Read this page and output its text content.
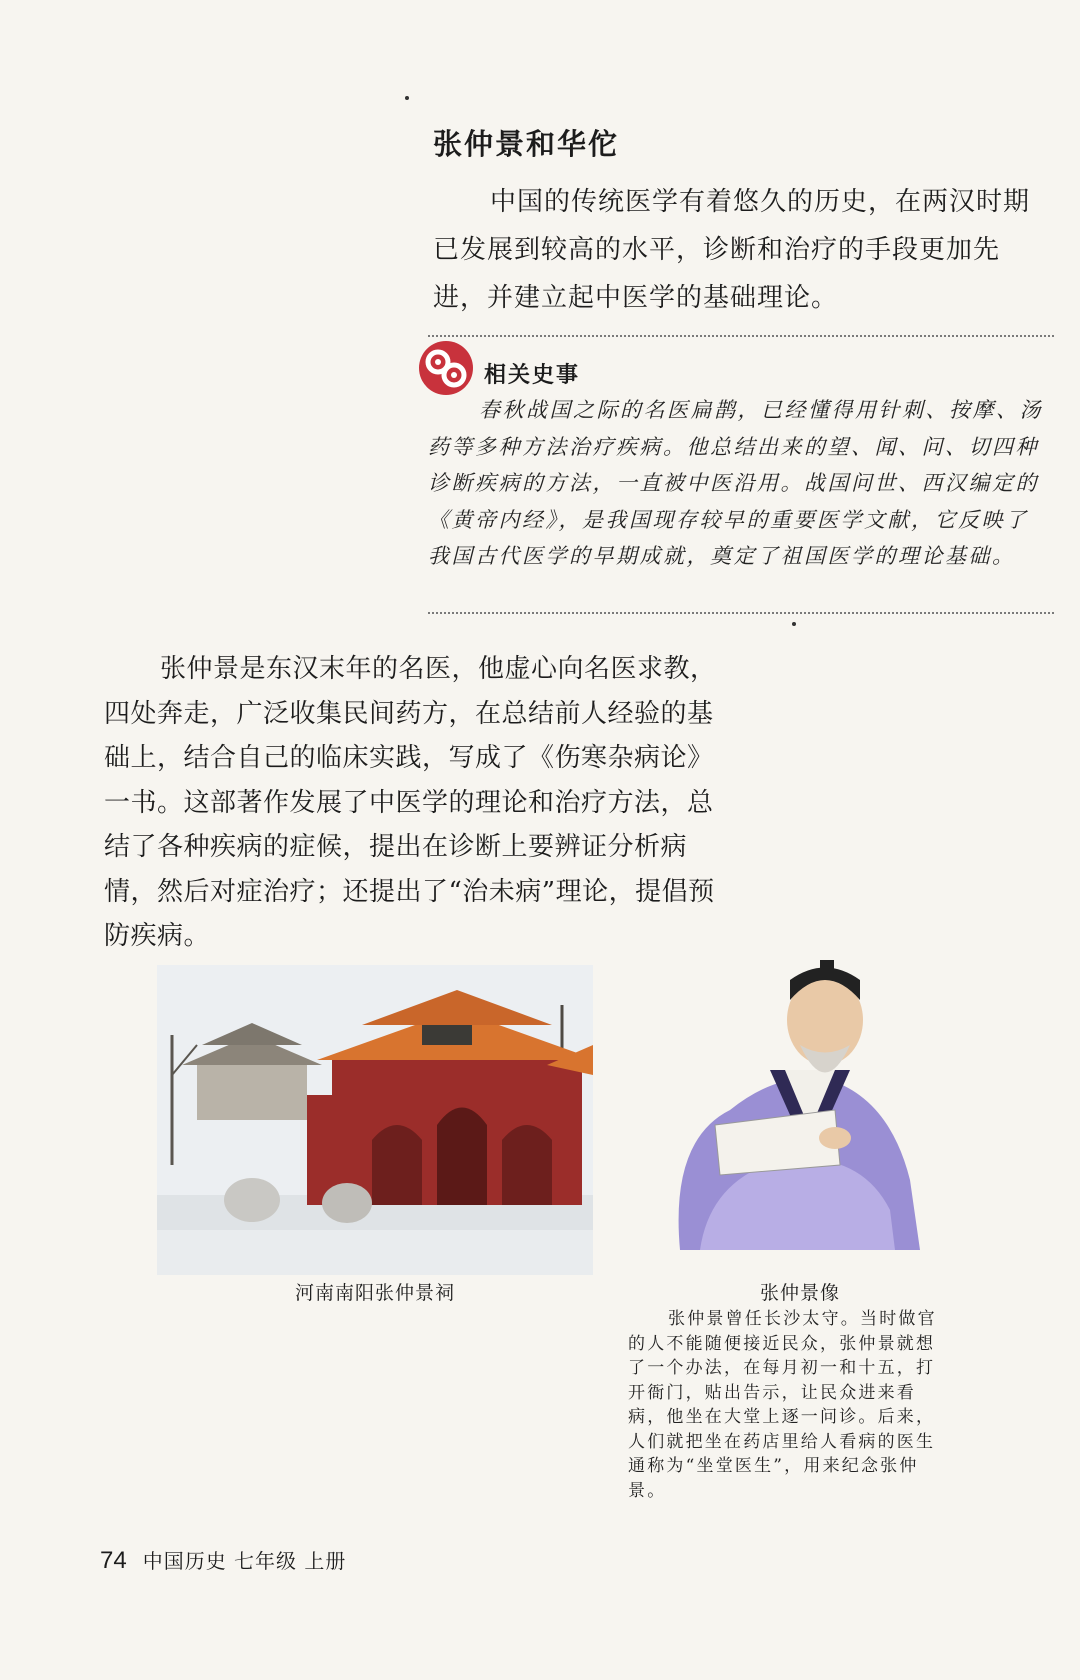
张仲景和华佗

中国的传统医学有着悠久的历史，在两汉时期已发展到较高的水平，诊断和治疗的手段更加先进，并建立起中医学的基础理论。

相关史事

春秋战国之际的名医扁鹊，已经懂得用针刺、按摩、汤药等多种方法治疗疾病。他总结出来的望、闻、问、切四种诊断疾病的方法，一直被中医沿用。战国问世、西汉编定的《黄帝内经》，是我国现存较早的重要医学文献，它反映了我国古代医学的早期成就，奠定了祖国医学的理论基础。

张仲景是东汉末年的名医，他虚心向名医求教，四处奔走，广泛收集民间药方，在总结前人经验的基础上，结合自己的临床实践，写成了《伤寒杂病论》一书。这部著作发展了中医学的理论和治疗方法，总结了各种疾病的症候，提出在诊断上要辨证分析病情，然后对症治疗；还提出了“治未病”理论，提倡预防疾病。

河南南阳张仲景祠	张仲景像

张仲景曾任长沙太守。当时做官的人不能随便接近民众，张仲景就想了一个办法，在每月初一和十五，打开衙门，贴出告示，让民众进来看病，他坐在大堂上逐一问诊。后来，人们就把坐在药店里给人看病的医生通称为“坐堂医生”，用来纪念张仲景。

74 中国历史 七年级 上册
